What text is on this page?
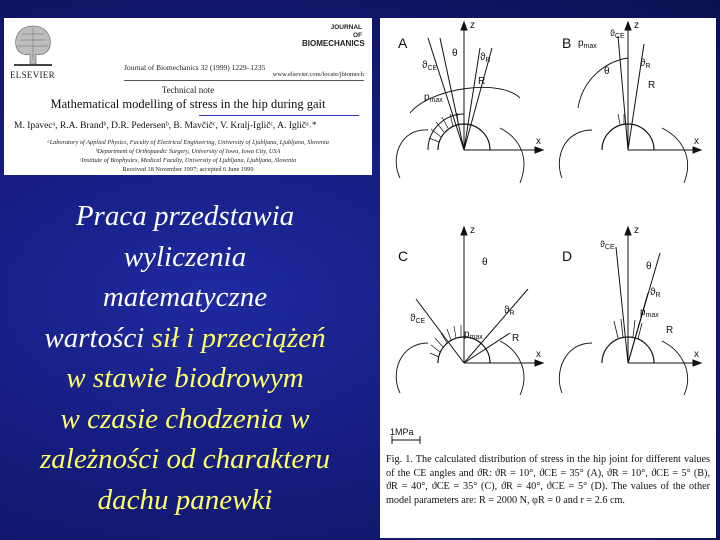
ELSEVIER
JOURNAL
OF
BIOMECHANICS
Journal of Biomechanics 32 (1999) 1229–1235
www.elsevier.com/locate/jbiomech
Technical note
Mathematical modelling of stress in the hip during gait
M. Ipavecᵃ, R.A. Brandᵇ, D.R. Pedersenᵇ, B. Mavčičᶜ, V. Kralj-Igličᶜ, A. Igličᵃ˒*
ᵃLaboratory of Applied Physics, Faculty of Electrical Engineering, University of Ljubljana, Ljubljana, Slovenia
ᵇDepartment of Orthopaedic Surgery, University of Iowa, Iowa City, USA
ᶜInstitute of Biophysics, Medical Faculty, University of Ljubljana, Ljubljana, Slovenia
Received 18 November 1997; accepted 6 June 1999
Praca przedstawia
wyliczenia
matematyczne
wartości sił i przeciążeń
w stawie biodrowym
w czasie chodzenia w
zależności od charakteru
dachu panewki
A
z
x
$ϑ_{CE}$
θ $ϑ_R$
R
$p_{max}$
B
z
x
$p_{max}$
$ϑ_{CE}$
θ
$ϑ_R$
R
C
z
x
θ
$ϑ_{CE}$
$ϑ_R$
$p_{max}$	R
D
z
x
$ϑ_{CE}$
θ
$ϑ_R$
$p_{max}$
R
1MPa
Fig. 1. The calculated distribution of stress in the hip joint for different values of the CE angles and ϑR: ϑR = 10°, ϑCE = 35° (A), ϑR = 10°, ϑCE = 5° (B), ϑR = 40°, ϑCE = 35° (C), ϑR = 40°, ϑCE = 5° (D). The values of the other model parameters are: R = 2000 N, φR = 0 and r = 2.6 cm.
